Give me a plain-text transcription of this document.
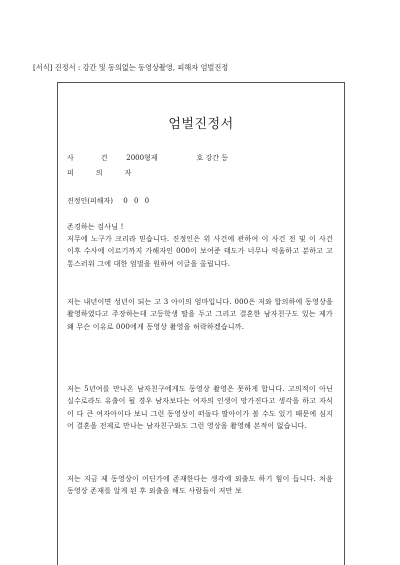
[서식] 진정서 : 강간 및 동의없는 동영상촬영, 피해자 엄벌진정
엄벌진정서
사건 2000형제	호 강간 등
피의자
진정인(피해자) 0 0 0
존경하는 검사님 !
저무에 노구가 크리라 믿습니다. 진정인은 위 사건에 관하여 이 사건 전 및 이 사건 이후 수사에 이르기까지 가해자인 000이 보여준 태도가 너무나 억울하고 분하고 고통스러워 그에 대한 엄벌을 원하여 이글을 올립니다.
저는 내년이면 성년이 되는 고 3 아이의 엄마입니다. 000은 저와 합의하에 동영상을 촬영하였다고 주장하는데 고등학생 딸을 두고 그리고 결혼한 남자친구도 있는 제가 왜 무슨 이유로 000에게 동영상 촬영을 허락하겠습니까.
저는 5년여를 만나온 남자친구에게도 동영상 촬영은 못하게 합니다. 고의적이 아닌 실수로라도 유출이 될 경우 남자보다는 여자의 인생이 망가진다고 생각을 하고 자식이 다 큰 여자아이다 보니 그런 동영상이 떠돌다 딸아이가 볼 수도 있기 때문에 심지어 결혼을 전제로 만나는 남자친구와도 그런 영상을 촬영해 본적이 없습니다.
저는 지금 제 동영상이 어딘가에 존재한다는 생각에 외출도 하기 힘이 듭니다. 처음 동영상 존재를 알게 된 후 외출을 해도 사람들이 저만 보
